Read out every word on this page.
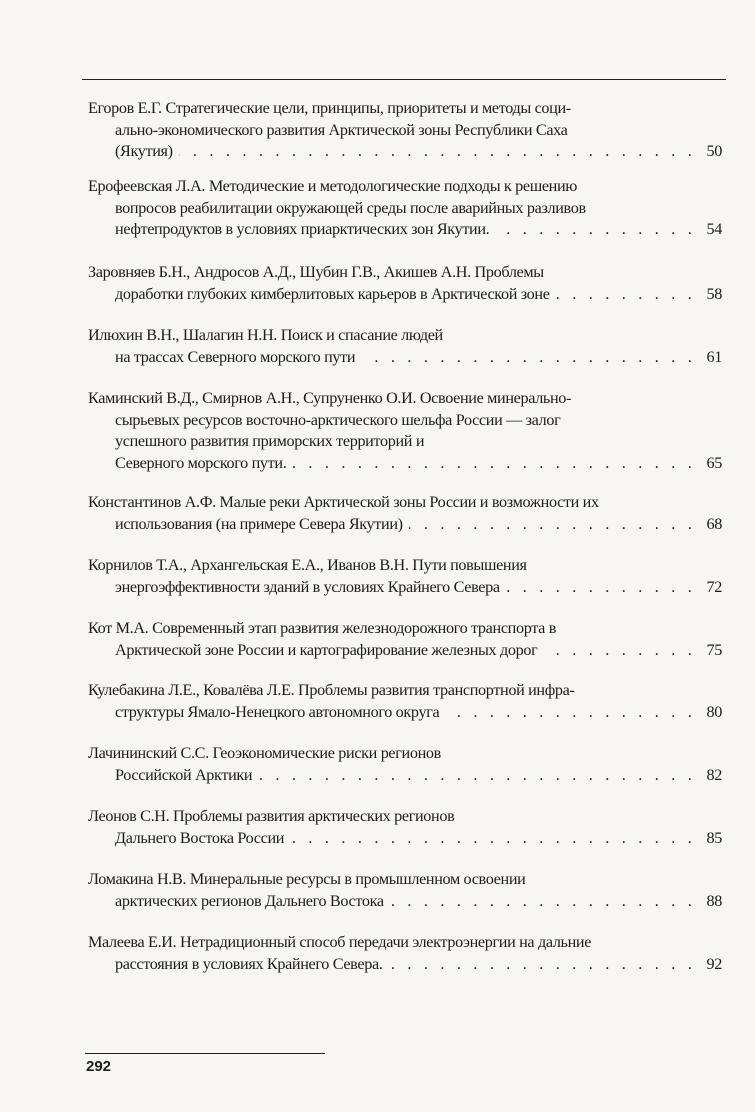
Егоров Е.Г. Стратегические цели, принципы, приоритеты и методы соци-
ально-экономического развития Арктической зоны Республики Саха
(Якутия) . . .	50
Ерофеевская Л.А. Методические и методологические подходы к решению
вопросов реабилитации окружающей среды после аварийных разливов
нефтепродуктов в условиях приарктических зон Якутии. . . .	54
Заровняев Б.Н., Андросов А.Д., Шубин Г.В., Акишев А.Н. Проблемы
доработки глубоких кимберлитовых карьеров в Арктической зоне . . .	58
Илюхин В.Н., Шалагин Н.Н. Поиск и спасание людей
на трассах Северного морского пути . . .	61
Каминский В.Д., Смирнов А.Н., Супруненко О.И. Освоение минерально-
сырьевых ресурсов восточно-арктического шельфа России — залог
успешного развития приморских территорий и
Северного морского пути. . . .	65
Константинов А.Ф. Малые реки Арктической зоны России и возможности их
использования (на примере Севера Якутии) . . .	68
Корнилов Т.А., Архангельская Е.А., Иванов В.Н. Пути повышения
энергоэффективности зданий в условиях Крайнего Севера . . .	72
Кот М.А. Современный этап развития железнодорожного транспорта в
Арктической зоне России и картографирование железных дорог . . .	75
Кулебакина Л.Е., Ковалёва Л.Е. Проблемы развития транспортной инфра-
структуры Ямало-Ненецкого автономного округа . . .	80
Лачининский С.С. Геоэкономические риски регионов
Российской Арктики . . .	82
Леонов С.Н. Проблемы развития арктических регионов
Дальнего Востока России . . .	85
Ломакина Н.В. Минеральные ресурсы в промышленном освоении
арктических регионов Дальнего Востока . . .	88
Малеева Е.И. Нетрадиционный способ передачи электроэнергии на дальние
расстояния в условиях Крайнего Севера. . . .	92
292
